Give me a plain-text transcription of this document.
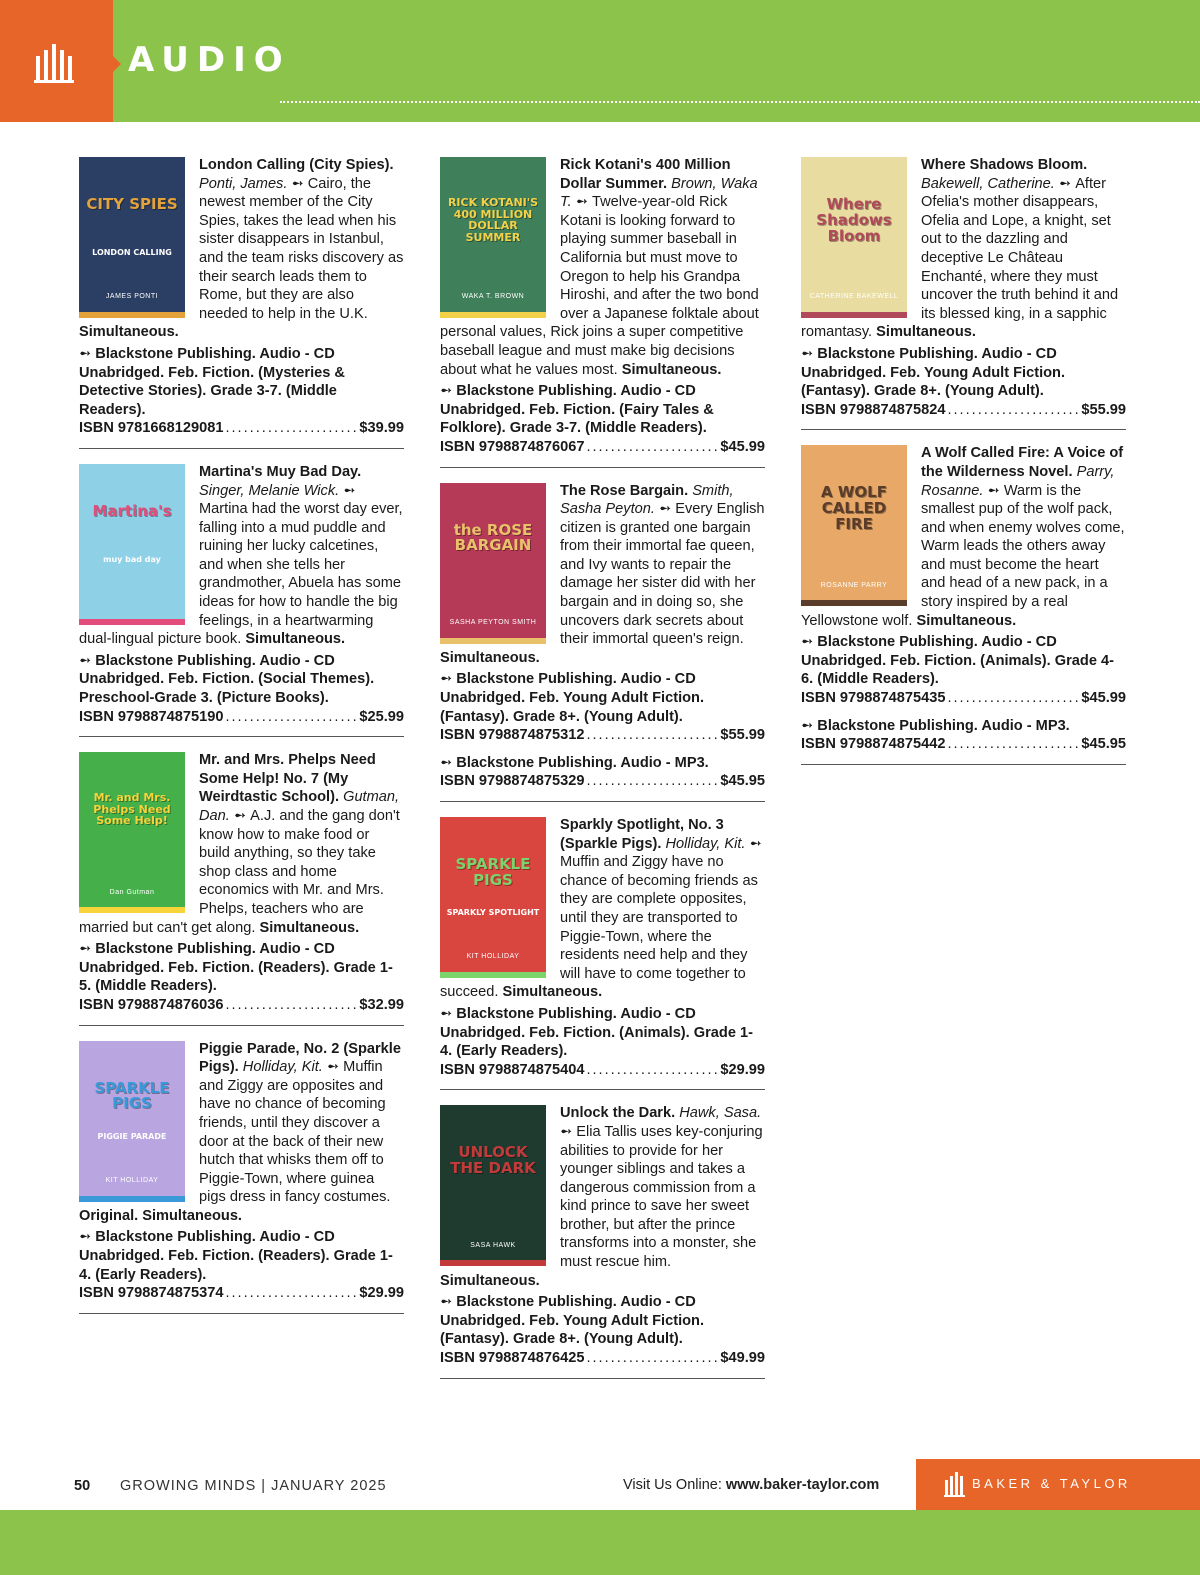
AUDIO
CITY SPIES
LONDON CALLING
JAMES PONTI
London Calling (City Spies). Ponti, James. ➻ Cairo, the newest member of the City Spies, takes the lead when his sister disappears in Istanbul, and the team risks discovery as their search leads them to Rome, but they are also needed to help in the U.K. Simultaneous.
➻ Blackstone Publishing. Audio - CD Unabridged. Feb. Fiction. (Mysteries & Detective Stories). Grade 3-7. (Middle Readers).
ISBN 9781668129081 .....	$39.99
Martina's
muy bad day
Martina's Muy Bad Day. Singer, Melanie Wick. ➻ Martina had the worst day ever, falling into a mud puddle and ruining her lucky calcetines, and when she tells her grandmother, Abuela has some ideas for how to handle the big feelings, in a heartwarming dual-lingual picture book. Simultaneous.
➻ Blackstone Publishing. Audio - CD Unabridged. Feb. Fiction. (Social Themes). Preschool-Grade 3. (Picture Books).
ISBN 9798874875190 .....	$25.99
Mr. and Mrs. Phelps Need Some Help!
Dan Gutman
Mr. and Mrs. Phelps Need Some Help! No. 7 (My Weirdtastic School). Gutman, Dan. ➻ A.J. and the gang don't know how to make food or build anything, so they take shop class and home economics with Mr. and Mrs. Phelps, teachers who are married but can't get along. Simultaneous.
➻ Blackstone Publishing. Audio - CD Unabridged. Feb. Fiction. (Readers). Grade 1-5. (Middle Readers).
ISBN 9798874876036 .....	$32.99
SPARKLE PIGS
PIGGIE PARADE
KIT HOLLIDAY
Piggie Parade, No. 2 (Sparkle Pigs). Holliday, Kit. ➻ Muffin and Ziggy are opposites and have no chance of becoming friends, until they discover a door at the back of their new hutch that whisks them off to Piggie-Town, where guinea pigs dress in fancy costumes. Original. Simultaneous.
➻ Blackstone Publishing. Audio - CD Unabridged. Feb. Fiction. (Readers). Grade 1-4. (Early Readers).
ISBN 9798874875374 .....	$29.99
RICK KOTANI'S 400 MILLION DOLLAR SUMMER
WAKA T. BROWN
Rick Kotani's 400 Million Dollar Summer. Brown, Waka T. ➻ Twelve-year-old Rick Kotani is looking forward to playing summer baseball in California but must move to Oregon to help his Grandpa Hiroshi, and after the two bond over a Japanese folktale about personal values, Rick joins a super competitive baseball league and must make big decisions about what he values most. Simultaneous.
➻ Blackstone Publishing. Audio - CD Unabridged. Feb. Fiction. (Fairy Tales & Folklore). Grade 3-7. (Middle Readers).
ISBN 9798874876067 .....	$45.99
the ROSE BARGAIN
SASHA PEYTON SMITH
The Rose Bargain. Smith, Sasha Peyton. ➻ Every English citizen is granted one bargain from their immortal fae queen, and Ivy wants to repair the damage her sister did with her bargain and in doing so, she uncovers dark secrets about their immortal queen's reign. Simultaneous.
➻ Blackstone Publishing. Audio - CD Unabridged. Feb. Young Adult Fiction. (Fantasy). Grade 8+. (Young Adult).
ISBN 9798874875312 .....	$55.99
➻ Blackstone Publishing. Audio - MP3.
ISBN 9798874875329 .....	$45.95
SPARKLE PIGS
SPARKLY SPOTLIGHT
KIT HOLLIDAY
Sparkly Spotlight, No. 3 (Sparkle Pigs). Holliday, Kit. ➻ Muffin and Ziggy have no chance of becoming friends as they are complete opposites, until they are transported to Piggie-Town, where the residents need help and they will have to come together to succeed. Simultaneous.
➻ Blackstone Publishing. Audio - CD Unabridged. Feb. Fiction. (Animals). Grade 1-4. (Early Readers).
ISBN 9798874875404 .....	$29.99
UNLOCK THE DARK
SASA HAWK
Unlock the Dark. Hawk, Sasa. ➻ Elia Tallis uses key-conjuring abilities to provide for her younger siblings and takes a dangerous commission from a kind prince to save her sweet brother, but after the prince transforms into a monster, she must rescue him. Simultaneous.
➻ Blackstone Publishing. Audio - CD Unabridged. Feb. Young Adult Fiction. (Fantasy). Grade 8+. (Young Adult).
ISBN 9798874876425 .....	$49.99
Where Shadows Bloom
CATHERINE BAKEWELL
Where Shadows Bloom. Bakewell, Catherine. ➻ After Ofelia's mother disappears, Ofelia and Lope, a knight, set out to the dazzling and deceptive Le Château Enchanté, where they must uncover the truth behind it and its blessed king, in a sapphic romantasy. Simultaneous.
➻ Blackstone Publishing. Audio - CD Unabridged. Feb. Young Adult Fiction. (Fantasy). Grade 8+. (Young Adult).
ISBN 9798874875824 .....	$55.99
A WOLF CALLED FIRE
ROSANNE PARRY
A Wolf Called Fire: A Voice of the Wilderness Novel. Parry, Rosanne. ➻ Warm is the smallest pup of the wolf pack, and when enemy wolves come, Warm leads the others away and must become the heart and head of a new pack, in a story inspired by a real Yellowstone wolf. Simultaneous.
➻ Blackstone Publishing. Audio - CD Unabridged. Feb. Fiction. (Animals). Grade 4-6. (Middle Readers).
ISBN 9798874875435 .....	$45.99
➻ Blackstone Publishing. Audio - MP3.
ISBN 9798874875442 .....	$45.95
50 GROWING MINDS | JANUARY 2025	Visit Us Online: www.baker-taylor.com	BAKER & TAYLOR
